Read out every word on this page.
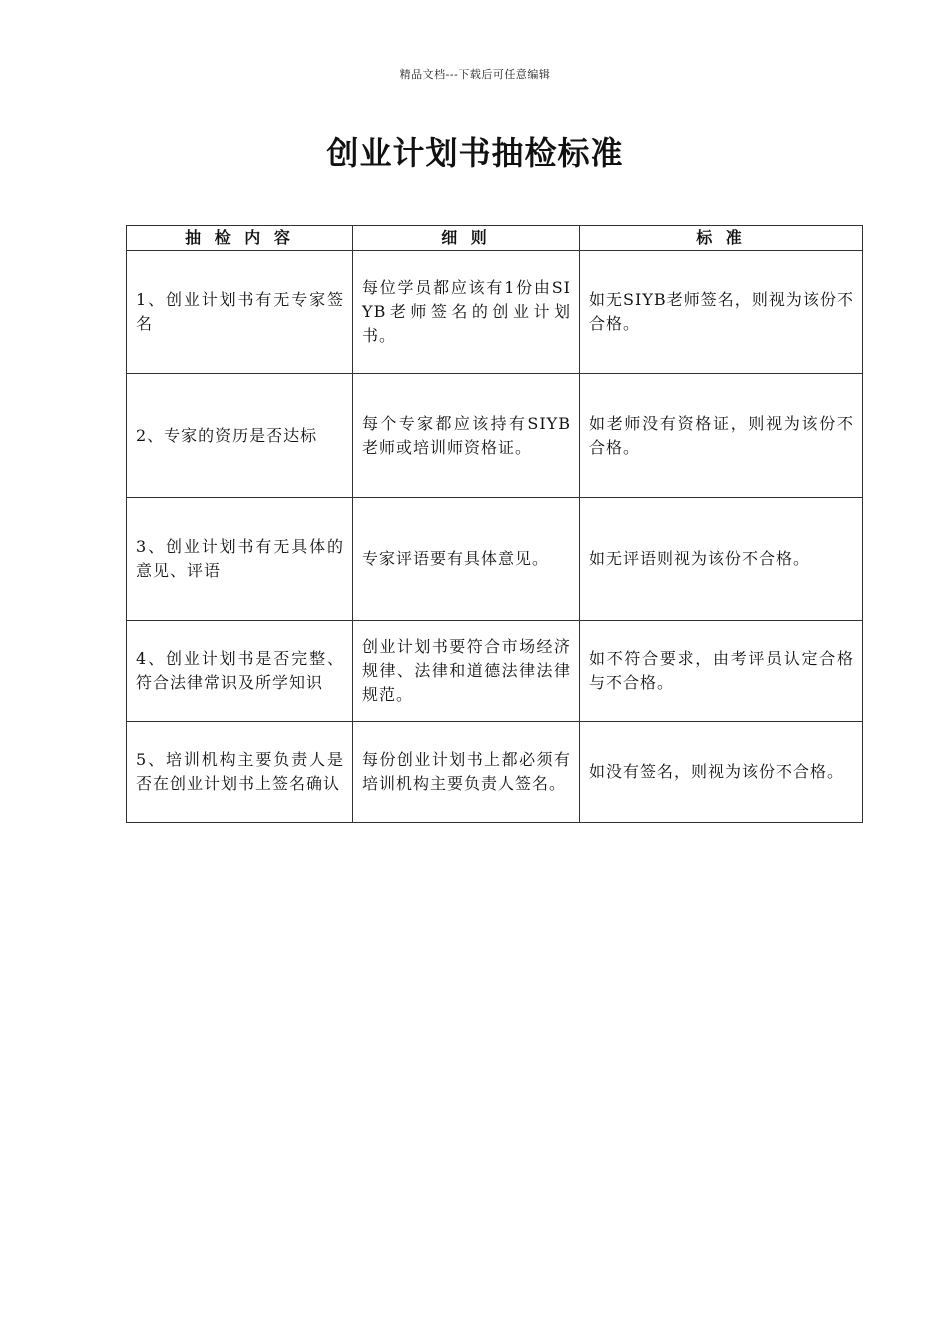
精品文档---下载后可任意编辑
创业计划书抽检标准
抽 检 内 容	细 则	标 准
1、创业计划书有无专家签名	每位学员都应该有1份由SIYB老师签名的创业计划书。	如无SIYB老师签名，则视为该份不合格。
2、专家的资历是否达标	每个专家都应该持有SIYB老师或培训师资格证。	如老师没有资格证，则视为该份不合格。
3、创业计划书有无具体的意见、评语	专家评语要有具体意见。	如无评语则视为该份不合格。
4、创业计划书是否完整、符合法律常识及所学知识	创业计划书要符合市场经济规律、法律和道德法律法律规范。	如不符合要求，由考评员认定合格与不合格。
5、培训机构主要负责人是否在创业计划书上签名确认	每份创业计划书上都必须有培训机构主要负责人签名。	如没有签名，则视为该份不合格。
